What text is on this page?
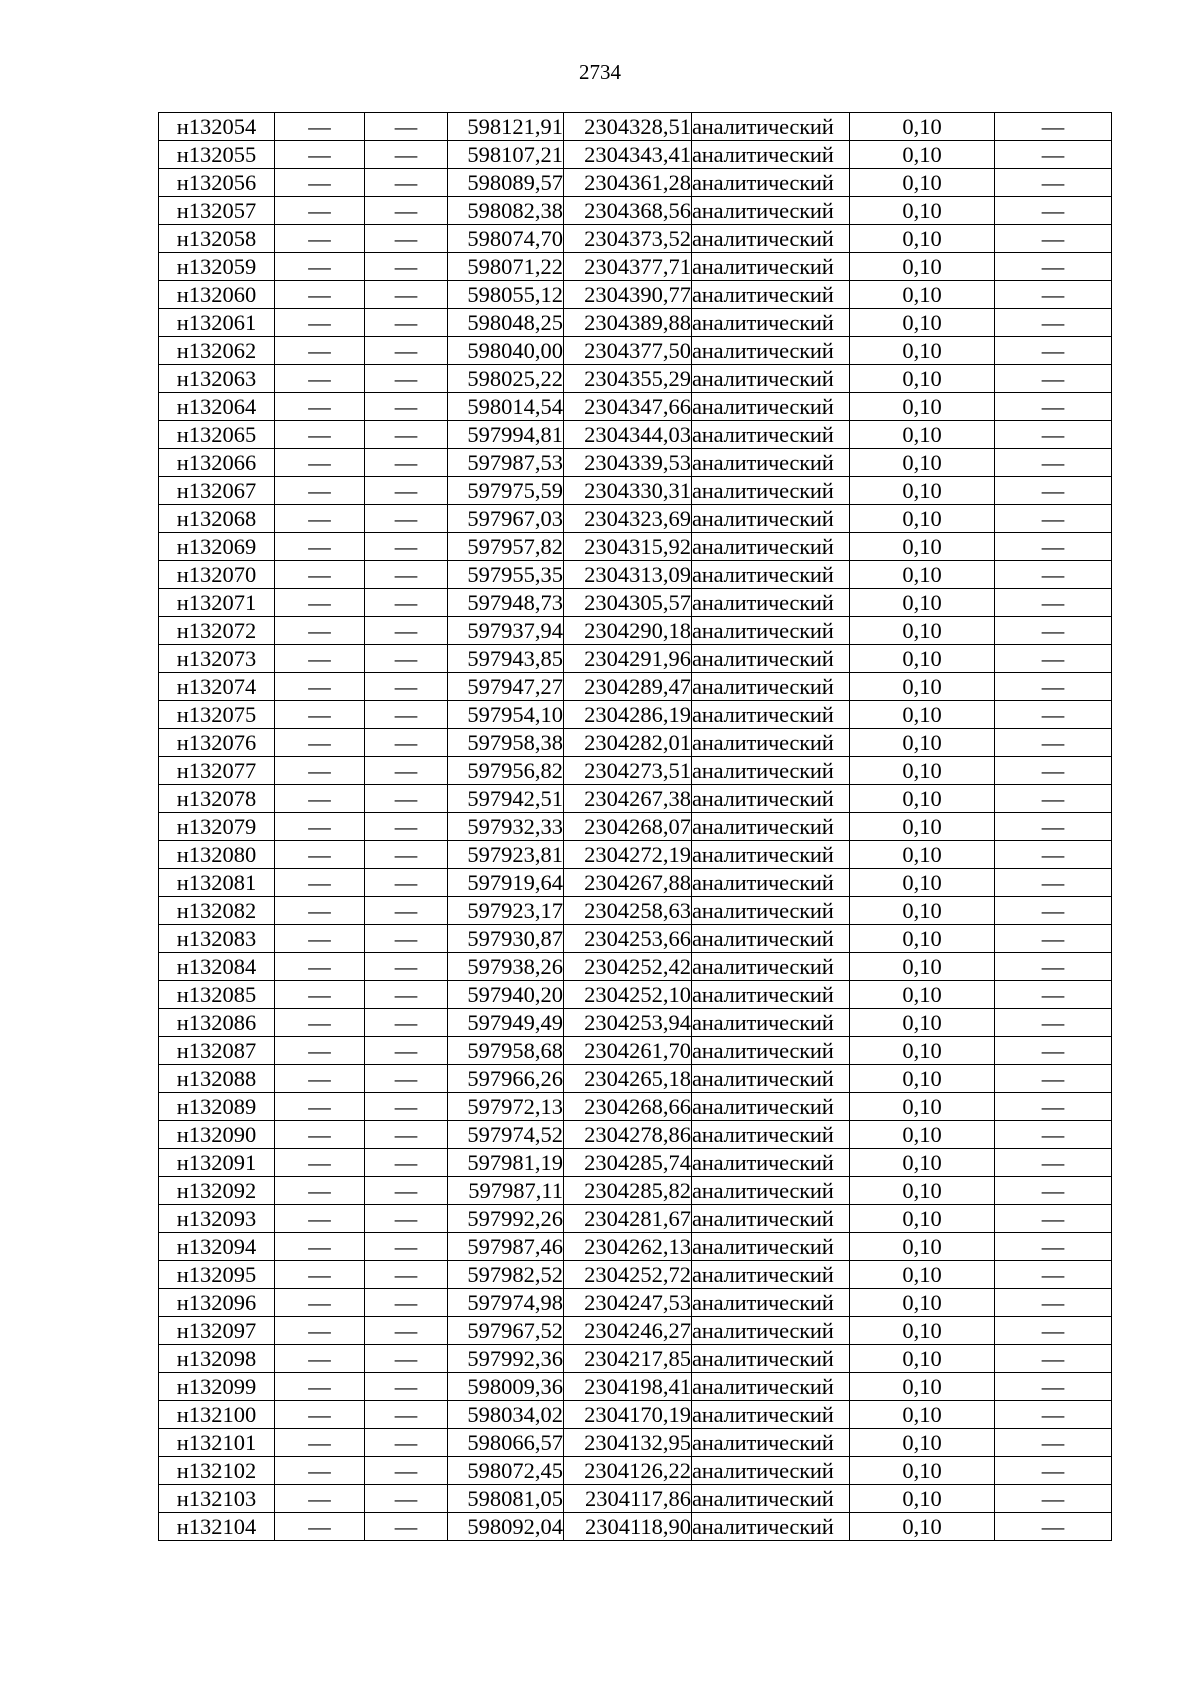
2734
н132054	—	—	598121,91	2304328,51	аналитический	0,10	—
н132055	—	—	598107,21	2304343,41	аналитический	0,10	—
н132056	—	—	598089,57	2304361,28	аналитический	0,10	—
н132057	—	—	598082,38	2304368,56	аналитический	0,10	—
н132058	—	—	598074,70	2304373,52	аналитический	0,10	—
н132059	—	—	598071,22	2304377,71	аналитический	0,10	—
н132060	—	—	598055,12	2304390,77	аналитический	0,10	—
н132061	—	—	598048,25	2304389,88	аналитический	0,10	—
н132062	—	—	598040,00	2304377,50	аналитический	0,10	—
н132063	—	—	598025,22	2304355,29	аналитический	0,10	—
н132064	—	—	598014,54	2304347,66	аналитический	0,10	—
н132065	—	—	597994,81	2304344,03	аналитический	0,10	—
н132066	—	—	597987,53	2304339,53	аналитический	0,10	—
н132067	—	—	597975,59	2304330,31	аналитический	0,10	—
н132068	—	—	597967,03	2304323,69	аналитический	0,10	—
н132069	—	—	597957,82	2304315,92	аналитический	0,10	—
н132070	—	—	597955,35	2304313,09	аналитический	0,10	—
н132071	—	—	597948,73	2304305,57	аналитический	0,10	—
н132072	—	—	597937,94	2304290,18	аналитический	0,10	—
н132073	—	—	597943,85	2304291,96	аналитический	0,10	—
н132074	—	—	597947,27	2304289,47	аналитический	0,10	—
н132075	—	—	597954,10	2304286,19	аналитический	0,10	—
н132076	—	—	597958,38	2304282,01	аналитический	0,10	—
н132077	—	—	597956,82	2304273,51	аналитический	0,10	—
н132078	—	—	597942,51	2304267,38	аналитический	0,10	—
н132079	—	—	597932,33	2304268,07	аналитический	0,10	—
н132080	—	—	597923,81	2304272,19	аналитический	0,10	—
н132081	—	—	597919,64	2304267,88	аналитический	0,10	—
н132082	—	—	597923,17	2304258,63	аналитический	0,10	—
н132083	—	—	597930,87	2304253,66	аналитический	0,10	—
н132084	—	—	597938,26	2304252,42	аналитический	0,10	—
н132085	—	—	597940,20	2304252,10	аналитический	0,10	—
н132086	—	—	597949,49	2304253,94	аналитический	0,10	—
н132087	—	—	597958,68	2304261,70	аналитический	0,10	—
н132088	—	—	597966,26	2304265,18	аналитический	0,10	—
н132089	—	—	597972,13	2304268,66	аналитический	0,10	—
н132090	—	—	597974,52	2304278,86	аналитический	0,10	—
н132091	—	—	597981,19	2304285,74	аналитический	0,10	—
н132092	—	—	597987,11	2304285,82	аналитический	0,10	—
н132093	—	—	597992,26	2304281,67	аналитический	0,10	—
н132094	—	—	597987,46	2304262,13	аналитический	0,10	—
н132095	—	—	597982,52	2304252,72	аналитический	0,10	—
н132096	—	—	597974,98	2304247,53	аналитический	0,10	—
н132097	—	—	597967,52	2304246,27	аналитический	0,10	—
н132098	—	—	597992,36	2304217,85	аналитический	0,10	—
н132099	—	—	598009,36	2304198,41	аналитический	0,10	—
н132100	—	—	598034,02	2304170,19	аналитический	0,10	—
н132101	—	—	598066,57	2304132,95	аналитический	0,10	—
н132102	—	—	598072,45	2304126,22	аналитический	0,10	—
н132103	—	—	598081,05	2304117,86	аналитический	0,10	—
н132104	—	—	598092,04	2304118,90	аналитический	0,10	—
